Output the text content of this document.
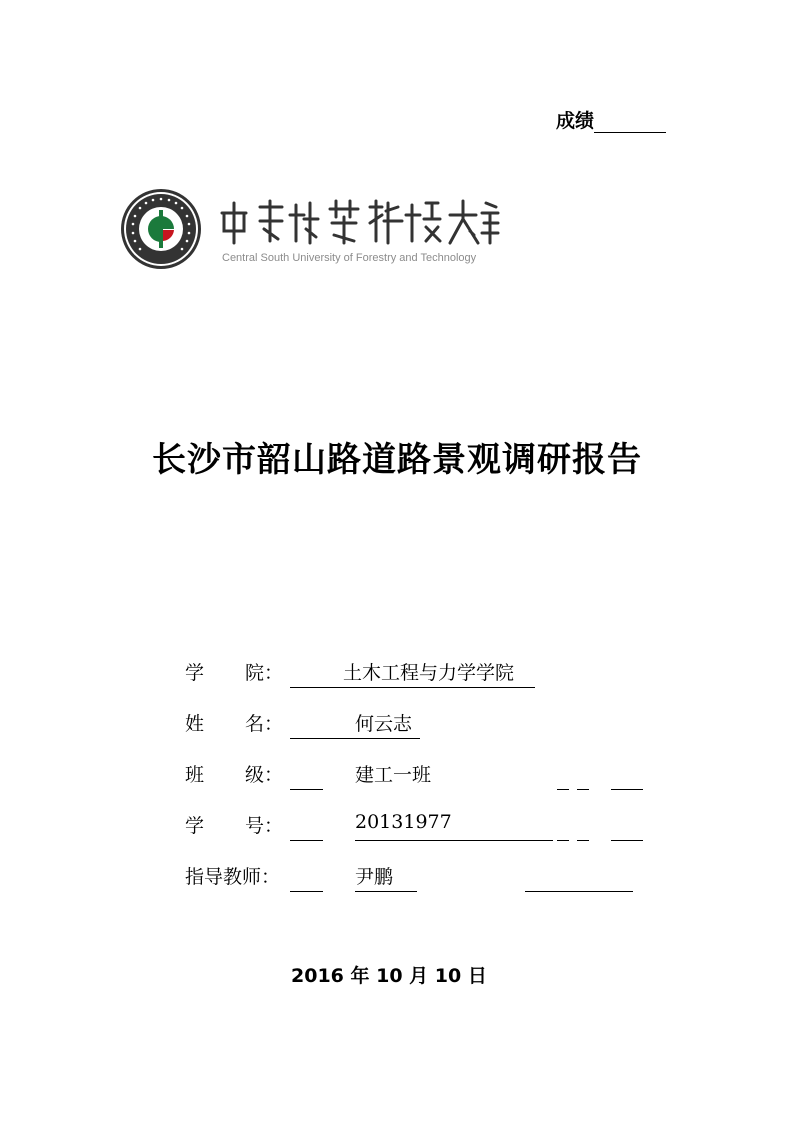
成绩
Central South University of Forestry and Technology
长沙市韶山路道路景观调研报告
学 院：	土木工程与力学学院
姓 名：	何云志
班 级：	建工一班
学 号：	20131977
指导教师：	尹鹏
2016 年 10 月 10 日
